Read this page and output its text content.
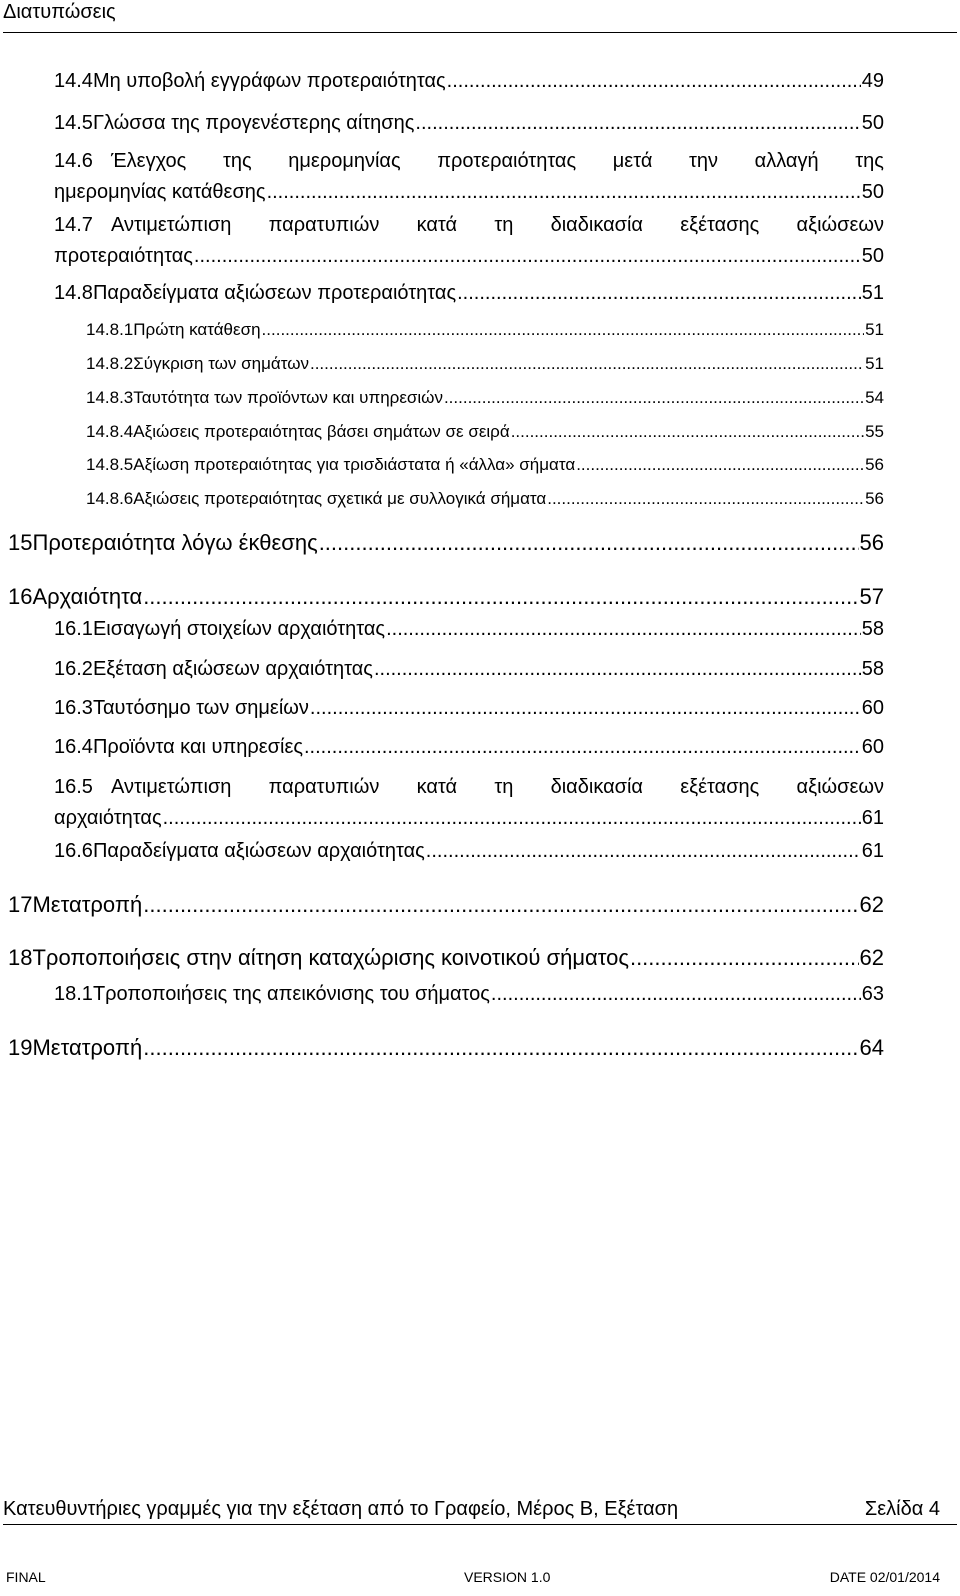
Διατυπώσεις
14.4 Μη υποβολή εγγράφων προτεραιότητας .....	49
14.5 Γλώσσα της προγενέστερης αίτησης .....	50
14.6 Έλεγχος της ημερομηνίας προτεραιότητας μετά την αλλαγή της
ημερομηνίας κατάθεσης .....	50
14.7 Αντιμετώπιση παρατυπιών κατά τη διαδικασία εξέτασης αξιώσεων
προτεραιότητας .....	50
14.8 Παραδείγματα αξιώσεων προτεραιότητας .....	51
14.8.1 Πρώτη κατάθεση .....	51
14.8.2 Σύγκριση των σημάτων .....	51
14.8.3 Ταυτότητα των προϊόντων και υπηρεσιών .....	54
14.8.4 Αξιώσεις προτεραιότητας βάσει σημάτων σε σειρά .....	55
14.8.5 Αξίωση προτεραιότητας για τρισδιάστατα ή «άλλα» σήματα .....	56
14.8.6 Αξιώσεις προτεραιότητας σχετικά με συλλογικά σήματα .....	56
15 Προτεραιότητα λόγω έκθεσης .....	56
16 Αρχαιότητα .....	57
16.1 Εισαγωγή στοιχείων αρχαιότητας .....	58
16.2 Εξέταση αξιώσεων αρχαιότητας .....	58
16.3 Ταυτόσημο των σημείων .....	60
16.4 Προϊόντα και υπηρεσίες .....	60
16.5 Αντιμετώπιση παρατυπιών κατά τη διαδικασία εξέτασης αξιώσεων
αρχαιότητας .....	61
16.6 Παραδείγματα αξιώσεων αρχαιότητας .....	61
17 Μετατροπή .....	62
18 Τροποποιήσεις στην αίτηση καταχώρισης κοινοτικού σήματος .....	62
18.1 Τροποποιήσεις της απεικόνισης του σήματος .....	63
19 Μετατροπή .....	64
Κατευθυντήριες γραμμές για την εξέταση από το Γραφείο, Μέρος Β, Εξέταση	Σελίδα 4
FINAL	VERSION 1.0	DATE 02/01/2014
